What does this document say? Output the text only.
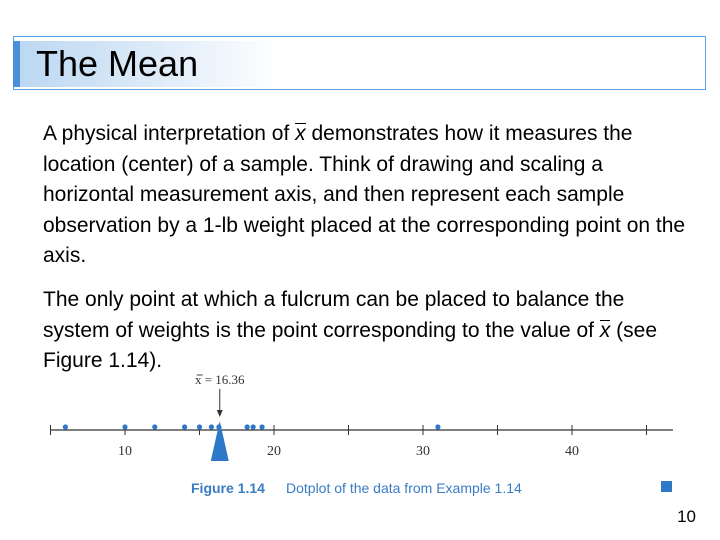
The Mean

A physical interpretation of x demonstrates how it measures the location (center) of a sample. Think of drawing and scaling a horizontal measurement axis, and then represent each sample observation by a 1-lb weight placed at the corresponding point on the axis.

The only point at which a fulcrum can be placed to balance the system of weights is the point corresponding to the value of x (see Figure 1.14).

10	20	30	40
x = 16.36
Figure 1.14 Dotplot of the data from Example 1.14
10
